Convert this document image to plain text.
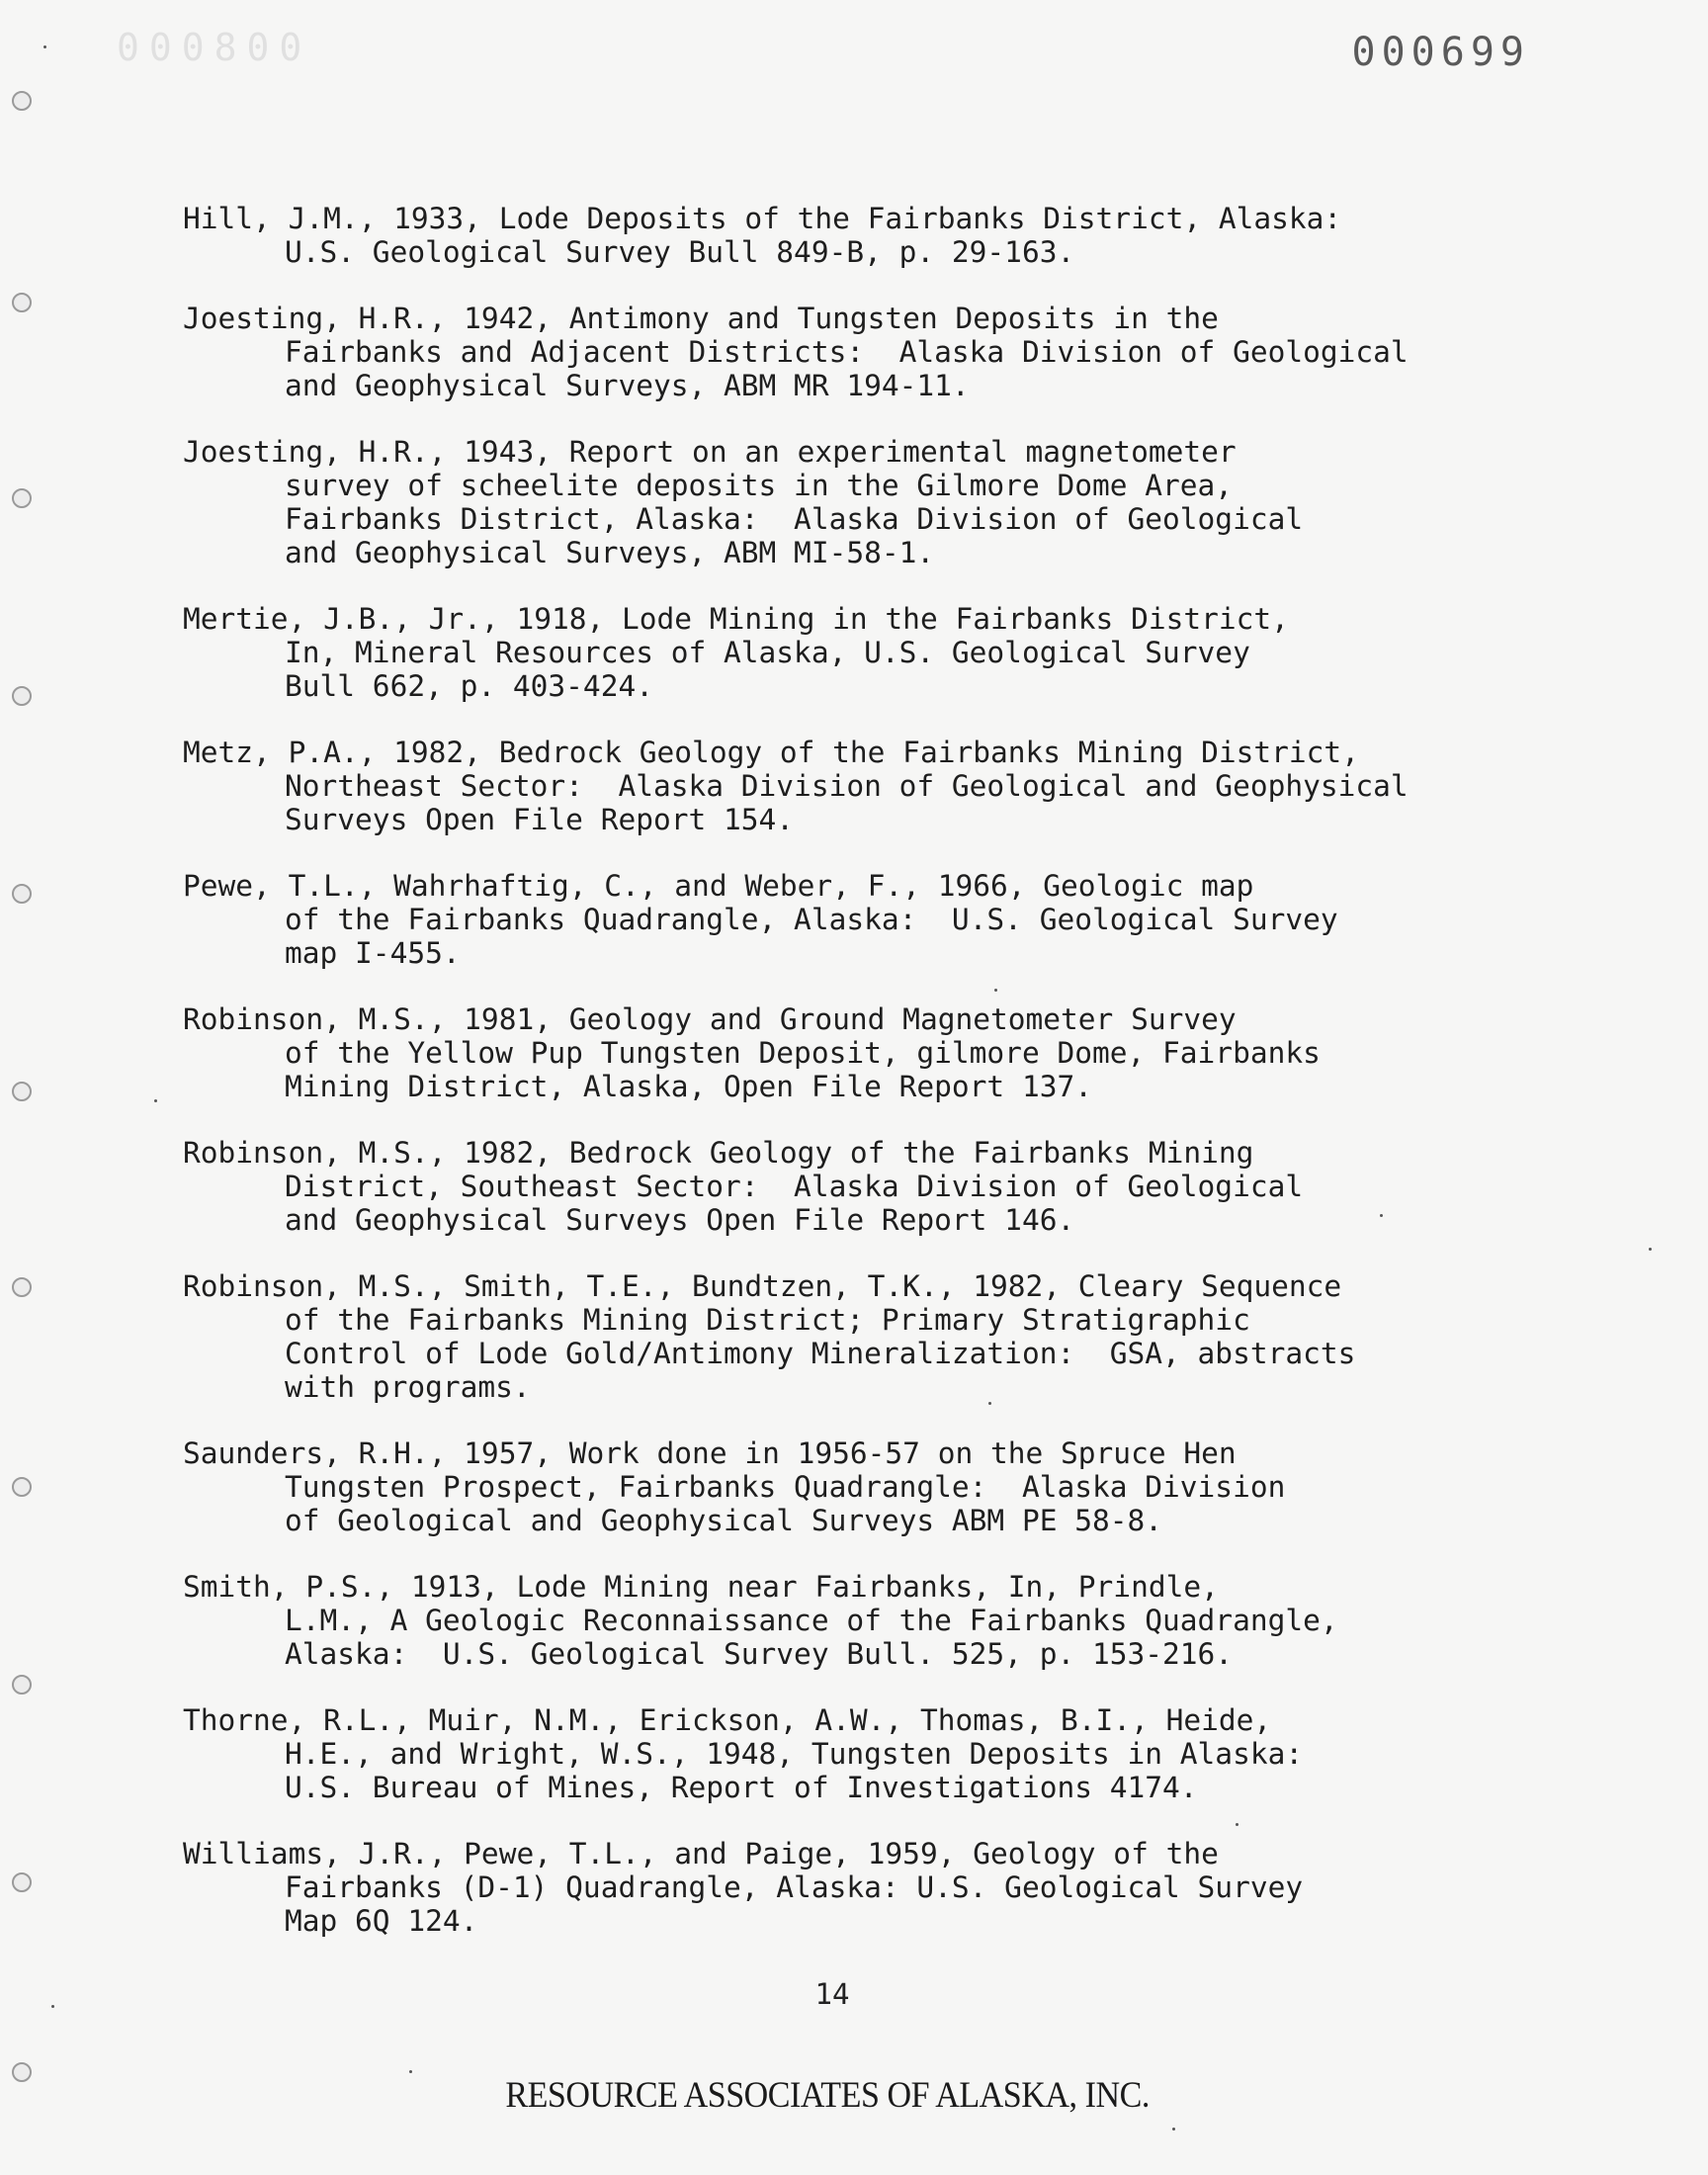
000800	000699
Hill, J.M., 1933, Lode Deposits of the Fairbanks District, Alaska:
U.S. Geological Survey Bull 849-B, p. 29-163.
Joesting, H.R., 1942, Antimony and Tungsten Deposits in the
Fairbanks and Adjacent Districts:  Alaska Division of Geological
and Geophysical Surveys, ABM MR 194-11.
Joesting, H.R., 1943, Report on an experimental magnetometer
survey of scheelite deposits in the Gilmore Dome Area,
Fairbanks District, Alaska:  Alaska Division of Geological
and Geophysical Surveys, ABM MI-58-1.
Mertie, J.B., Jr., 1918, Lode Mining in the Fairbanks District,
In, Mineral Resources of Alaska, U.S. Geological Survey
Bull 662, p. 403-424.
Metz, P.A., 1982, Bedrock Geology of the Fairbanks Mining District,
Northeast Sector:  Alaska Division of Geological and Geophysical
Surveys Open File Report 154.
Pewe, T.L., Wahrhaftig, C., and Weber, F., 1966, Geologic map
of the Fairbanks Quadrangle, Alaska:  U.S. Geological Survey
map I-455.
Robinson, M.S., 1981, Geology and Ground Magnetometer Survey
of the Yellow Pup Tungsten Deposit, gilmore Dome, Fairbanks
Mining District, Alaska, Open File Report 137.
Robinson, M.S., 1982, Bedrock Geology of the Fairbanks Mining
District, Southeast Sector:  Alaska Division of Geological
and Geophysical Surveys Open File Report 146.
Robinson, M.S., Smith, T.E., Bundtzen, T.K., 1982, Cleary Sequence
of the Fairbanks Mining District; Primary Stratigraphic
Control of Lode Gold/Antimony Mineralization:  GSA, abstracts
with programs.
Saunders, R.H., 1957, Work done in 1956-57 on the Spruce Hen
Tungsten Prospect, Fairbanks Quadrangle:  Alaska Division
of Geological and Geophysical Surveys ABM PE 58-8.
Smith, P.S., 1913, Lode Mining near Fairbanks, In, Prindle,
L.M., A Geologic Reconnaissance of the Fairbanks Quadrangle,
Alaska:  U.S. Geological Survey Bull. 525, p. 153-216.
Thorne, R.L., Muir, N.M., Erickson, A.W., Thomas, B.I., Heide,
H.E., and Wright, W.S., 1948, Tungsten Deposits in Alaska:
U.S. Bureau of Mines, Report of Investigations 4174.
Williams, J.R., Pewe, T.L., and Paige, 1959, Geology of the
Fairbanks (D-1) Quadrangle, Alaska: U.S. Geological Survey
Map 6Q 124.
14
RESOURCE ASSOCIATES OF ALASKA, INC.
